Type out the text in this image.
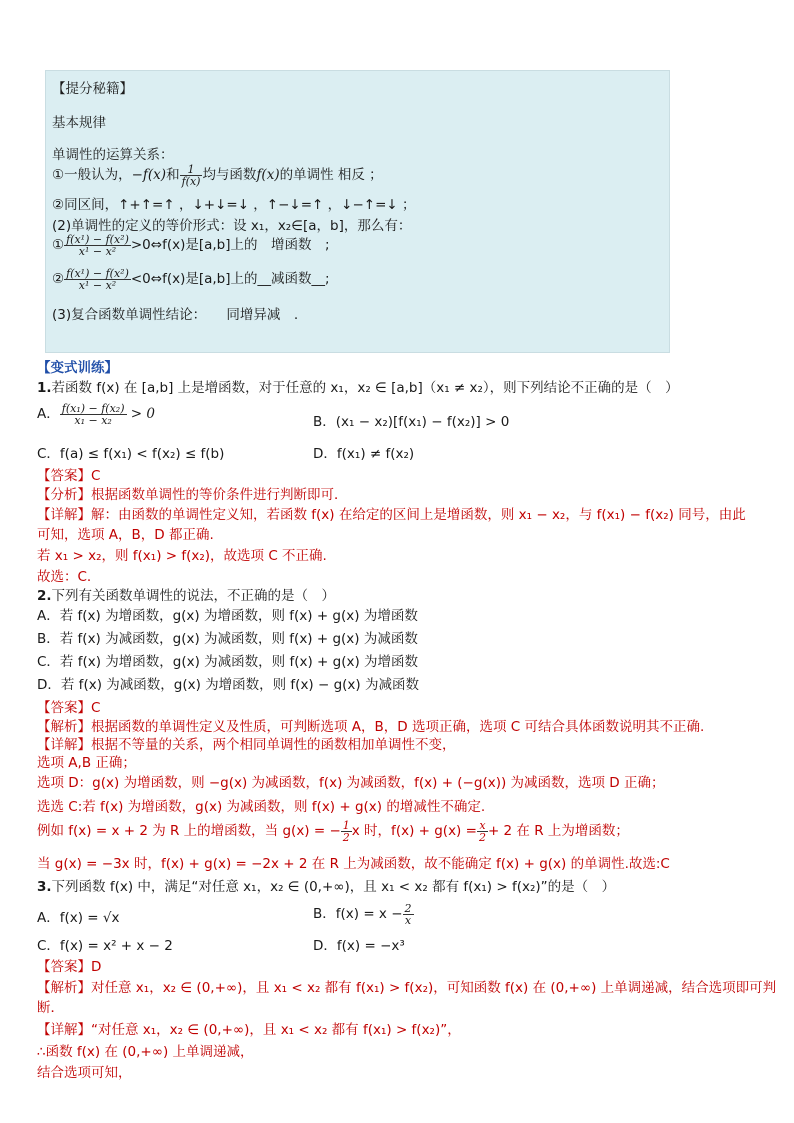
【提分秘籍】
基本规律
单调性的运算关系：
①一般认为，−f(x)和 $\frac{1}{f(x)}$ 均与函数f(x)的单调性 相反 ；
②同区间，↑+↑=↑ ，↓+↓=↓ ，↑−↓=↑ ，↓−↑=↓ ；
(2)单调性的定义的等价形式：设 x₁，x₂∈[a，b]，那么有：
① $\frac{\text{f(x¹) − f(x²)}}{\text{x¹ − x²}}$ >0⇔f(x)是[a,b]上的　增函数　;
② $\frac{\text{f(x¹) − f(x²)}}{\text{x¹ − x²}}$ <0⇔f(x)是[a,b]上的__减函数__;
(3)复合函数单调性结论：　　同增异减　.
【变式训练】
1.若函数 f(x) 在 [a,b] 上是增函数，对于任意的 x₁，x₂ ∈ [a,b]（x₁ ≠ x₂），则下列结论不正确的是（　）
A． $\frac{\text{f(x₁) − f(x₂)}}{\text{x₁ − x₂}} > 0$	B．(x₁ − x₂)[f(x₁) − f(x₂)] > 0
C．f(a) ≤ f(x₁) < f(x₂) ≤ f(b)	D．f(x₁) ≠ f(x₂)
【答案】C
【分析】根据函数单调性的等价条件进行判断即可．
【详解】解：由函数的单调性定义知，若函数 f(x) 在给定的区间上是增函数，则 x₁ − x₂，与 f(x₁) − f(x₂) 同号，由此
可知，选项 A，B，D 都正确.
若 x₁ > x₂，则 f(x₁) > f(x₂)，故选项 C 不正确.
故选：C.
2.下列有关函数单调性的说法，不正确的是（　）
A．若 f(x) 为增函数，g(x) 为增函数，则 f(x) + g(x) 为增函数
B．若 f(x) 为减函数，g(x) 为减函数，则 f(x) + g(x) 为减函数
C．若 f(x) 为增函数，g(x) 为减函数，则 f(x) + g(x) 为增函数
D．若 f(x) 为减函数，g(x) 为增函数，则 f(x) − g(x) 为减函数
【答案】C
【解析】根据函数的单调性定义及性质，可判断选项 A，B，D 选项正确，选项 C 可结合具体函数说明其不正确.
【详解】根据不等量的关系，两个相同单调性的函数相加单调性不变，
选项 A,B 正确；
选项 D：g(x) 为增函数，则 −g(x) 为减函数，f(x) 为减函数，f(x) + (−g(x)) 为减函数，选项 D 正确；
选选 C:若 f(x) 为增函数，g(x) 为减函数，则 f(x) + g(x) 的增减性不确定.
例如 f(x) = x + 2 为 R 上的增函数，当 g(x) = − $\frac{1}{2}$ x 时，$f(x) + g(x) = \frac{x}{2} + 2$ 在 R 上为增函数；
当 g(x) = −3x 时，f(x) + g(x) = −2x + 2 在 R 上为减函数，故不能确定 f(x) + g(x) 的单调性.故选:C
3.下列函数 f(x) 中，满足“对任意 x₁，x₂ ∈ (0,+∞)，且 x₁ < x₂ 都有 f(x₁) > f(x₂)”的是（　）
A．f(x) = √x	B．$f(x) = x - \frac{2}{x}$
C．f(x) = x² + x − 2	D．f(x) = −x³
【答案】D
【解析】对任意 x₁，x₂ ∈ (0,+∞)，且 x₁ < x₂ 都有 f(x₁) > f(x₂)，可知函数 f(x) 在 (0,+∞) 上单调递减，结合选项即可判
断．
【详解】“对任意 x₁，x₂ ∈ (0,+∞)，且 x₁ < x₂ 都有 f(x₁) > f(x₂)”，
∴函数 f(x) 在 (0,+∞) 上单调递减，
结合选项可知，
